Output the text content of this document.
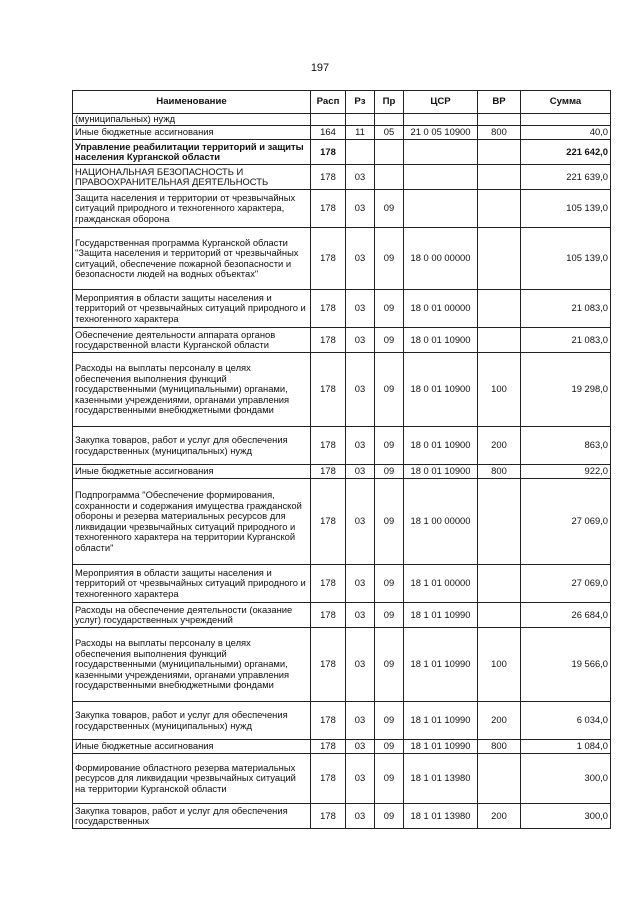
197
Наименование	Расп	Рз	Пр	ЦСР	ВР	Сумма
(муниципальных) нужд						
Иные бюджетные ассигнования	164	11	05	21 0 05 10900	800	40,0
Управление реабилитации территорий и защиты населения Курганской области	178					221 642,0
НАЦИОНАЛЬНАЯ БЕЗОПАСНОСТЬ И ПРАВООХРАНИТЕЛЬНАЯ ДЕЯТЕЛЬНОСТЬ	178	03				221 639,0
Защита населения и территории от чрезвычайных ситуаций природного и техногенного характера, гражданская оборона	178	03	09			105 139,0
Государственная программа Курганской области "Защита населения и территорий от чрезвычайных ситуаций, обеспечение пожарной безопасности и безопасности людей на водных объектах"	178	03	09	18 0 00 00000		105 139,0
Мероприятия в области защиты населения и территорий от чрезвычайных ситуаций природного и техногенного характера	178	03	09	18 0 01 00000		21 083,0
Обеспечение деятельности аппарата органов государственной власти Курганской области	178	03	09	18 0 01 10900		21 083,0
Расходы на выплаты персоналу в целях обеспечения выполнения функций государственными (муниципальными) органами, казенными учреждениями, органами управления государственными внебюджетными фондами	178	03	09	18 0 01 10900	100	19 298,0
Закупка товаров, работ и услуг для обеспечения государственных (муниципальных) нужд	178	03	09	18 0 01 10900	200	863,0
Иные бюджетные ассигнования	178	03	09	18 0 01 10900	800	922,0
Подпрограмма "Обеспечение формирования, сохранности и содержания имущества гражданской обороны и резерва материальных ресурсов для ликвидации чрезвычайных ситуаций природного и техногенного характера на территории Курганской области"	178	03	09	18 1 00 00000		27 069,0
Мероприятия в области защиты населения и территорий от чрезвычайных ситуаций природного и техногенного характера	178	03	09	18 1 01 00000		27 069,0
Расходы на обеспечение деятельности (оказание услуг) государственных учреждений	178	03	09	18 1 01 10990		26 684,0
Расходы на выплаты персоналу в целях обеспечения выполнения функций государственными (муниципальными) органами, казенными учреждениями, органами управления государственными внебюджетными фондами	178	03	09	18 1 01 10990	100	19 566,0
Закупка товаров, работ и услуг для обеспечения государственных (муниципальных) нужд	178	03	09	18 1 01 10990	200	6 034,0
Иные бюджетные ассигнования	178	03	09	18 1 01 10990	800	1 084,0
Формирование областного резерва материальных ресурсов для ликвидации чрезвычайных ситуаций на территории Курганской области	178	03	09	18 1 01 13980		300,0
Закупка товаров, работ и услуг для обеспечения государственных	178	03	09	18 1 01 13980	200	300,0
